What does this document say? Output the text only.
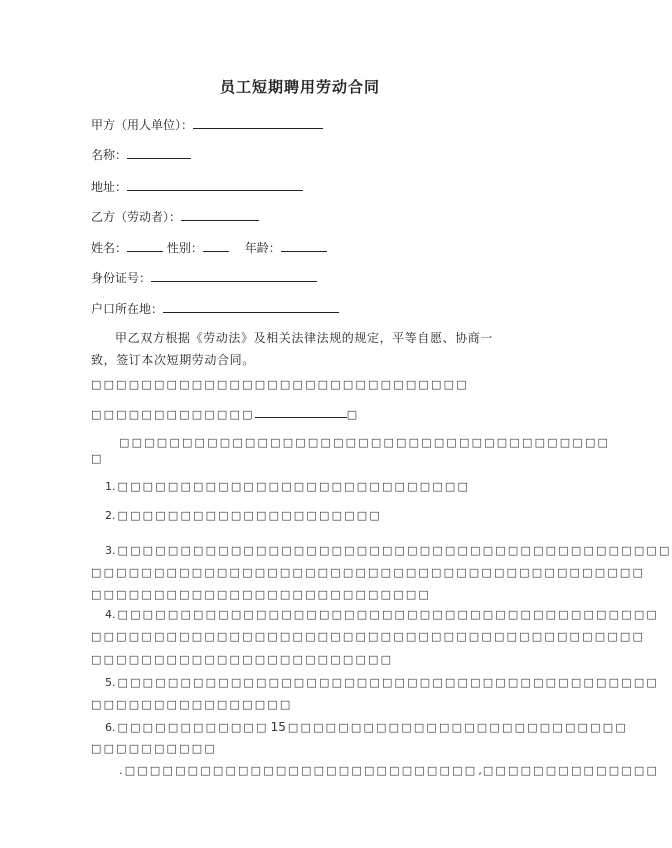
员工短期聘用劳动合同
甲方（用人单位）：
名称：
地址：
乙方（劳动者）：
姓名：	性别：	年龄：
身份证号：
户口所在地：
甲乙双方根据《劳动法》及相关法律法规的规定，平等自愿、协商一致，签订本次短期劳动合同。
□□□□□□□□□□□□□□□□□□□□□□□□□□□□□□
□□□□□□□□□□□□□	□
□□□□□□□□□□□□□□□□□□□□□□□□□□□□□□□□□□□□□□□
□
1. □□□□□□□□□□□□□□□□□□□□□□□□□□□□
2. □□□□□□□□□□□□□□□□□□□□□
3. □□□□□□□□□□□□□□□□□□□□□□□□□□□□□□□□□□□□□□□□□□□□
□□□□□□□□□□□□□□□□□□□□□□□□□□□□□□□□□□□□□□□□□□□□
□□□□□□□□□□□□□□□□□□□□□□□□□□□
4. □□□□□□□□□□□□□□□□□□□□□□□□□□□□□□□□□□□□□□□□□□□
□□□□□□□□□□□□□□□□□□□□□□□□□□□□□□□□□□□□□□□□□□□□
□□□□□□□□□□□□□□□□□□□□□□□□
5. □□□□□□□□□□□□□□□□□□□□□□□□□□□□□□□□□□□□□□□□□□□
□□□□□□□□□□□□□□□□
6. □□□□□□□□□□□□ 15 □□□□□□□□□□□□□□□□□□□□□□□□□□□
□□□□□□□□□□
.□□□□□□□□□□□□□□□□□□□□□□□□□□□□,□□□□□□□□□□□□□□
